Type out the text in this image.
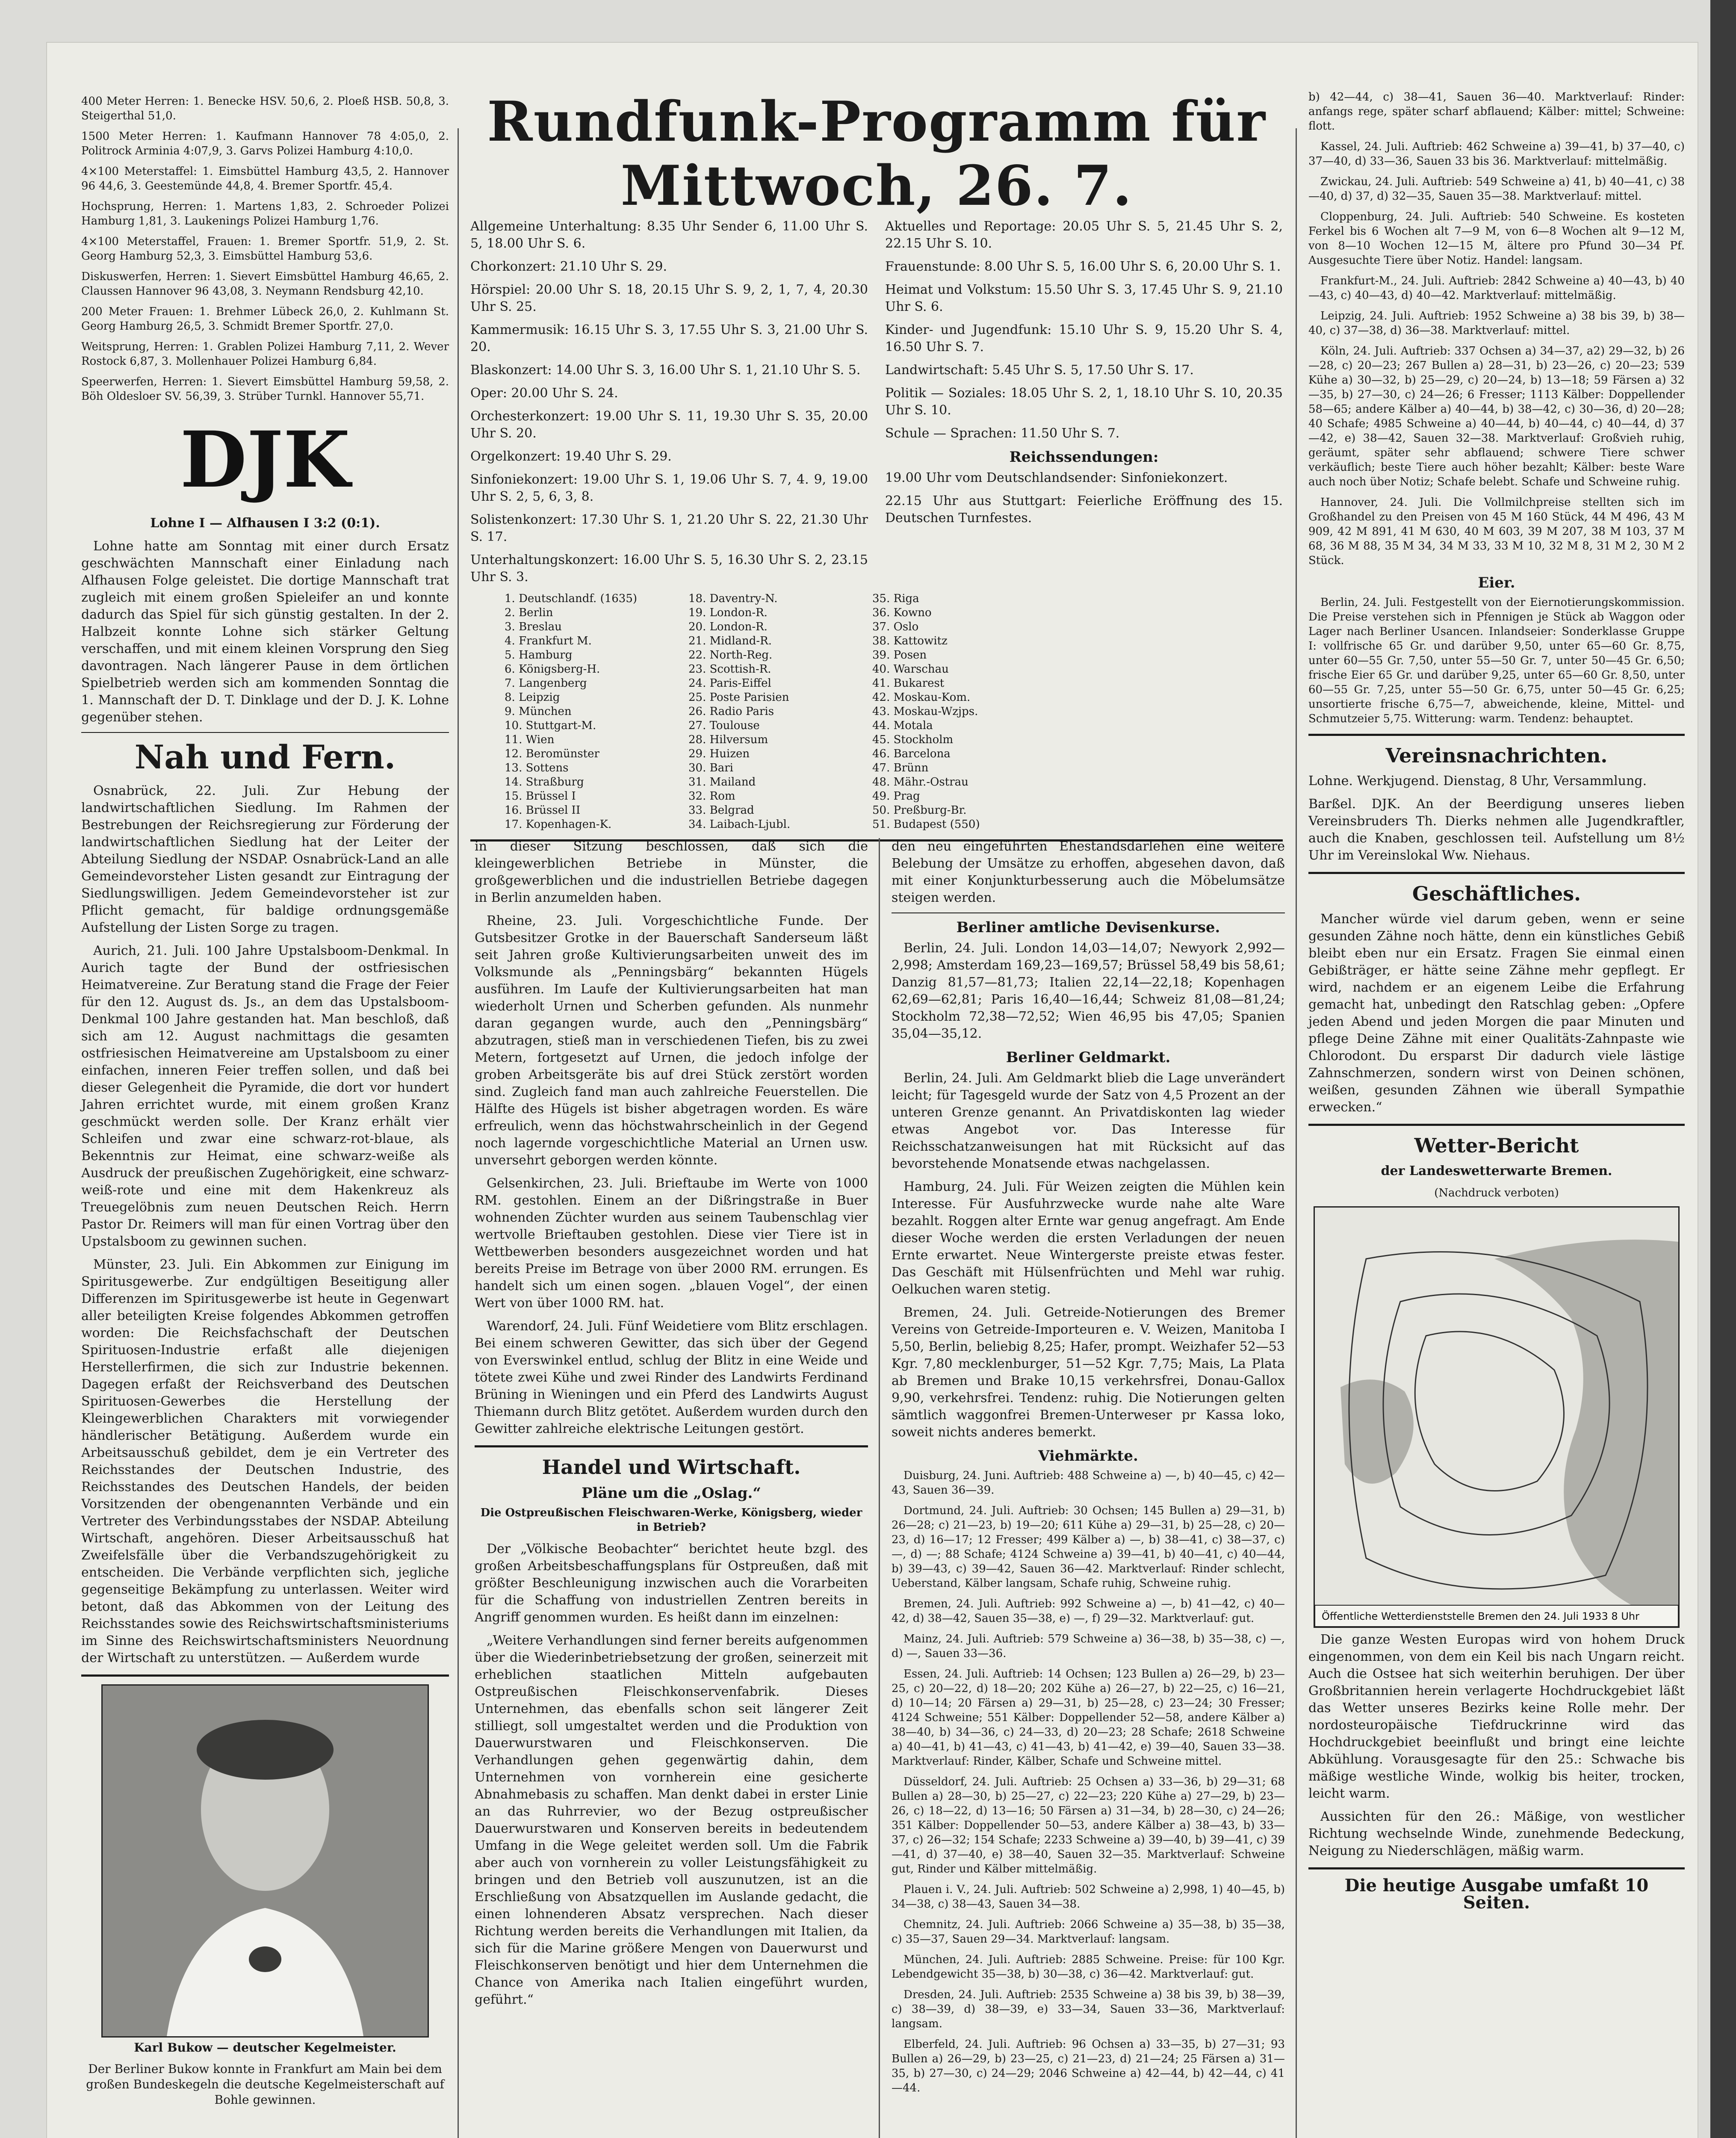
400 Meter Herren: 1. Benecke HSV. 50,6, 2. Ploeß HSB. 50,8, 3. Steigerthal 51,0.

1500 Meter Herren: 1. Kaufmann Hannover 78 4:05,0, 2. Politrock Arminia 4:07,9, 3. Garvs Polizei Hamburg 4:10,0.

4×100 Meterstaffel: 1. Eimsbüttel Hamburg 43,5, 2. Hannover 96 44,6, 3. Geestemünde 44,8, 4. Bremer Sportfr. 45,4.

Hochsprung, Herren: 1. Martens 1,83, 2. Schroeder Polizei Hamburg 1,81, 3. Laukenings Polizei Hamburg 1,76.

4×100 Meterstaffel, Frauen: 1. Bremer Sportfr. 51,9, 2. St. Georg Hamburg 52,3, 3. Eimsbüttel Hamburg 53,6.

Diskuswerfen, Herren: 1. Sievert Eimsbüttel Hamburg 46,65, 2. Claussen Hannover 96 43,08, 3. Neymann Rendsburg 42,10.

200 Meter Frauen: 1. Brehmer Lübeck 26,0, 2. Kuhlmann St. Georg Hamburg 26,5, 3. Schmidt Bremer Sportfr. 27,0.

Weitsprung, Herren: 1. Grablen Polizei Hamburg 7,11, 2. Wever Rostock 6,87, 3. Mollenhauer Polizei Hamburg 6,84.

Speerwerfen, Herren: 1. Sievert Eimsbüttel Hamburg 59,58, 2. Böh Oldesloer SV. 56,39, 3. Strüber Turnkl. Hannover 55,71.

DJK

Lohne I — Alfhausen I 3:2 (0:1).

Lohne hatte am Sonntag mit einer durch Ersatz geschwächten Mannschaft einer Einladung nach Alfhausen Folge geleistet. Die dortige Mannschaft trat zugleich mit einem großen Spieleifer an und konnte dadurch das Spiel für sich günstig gestalten. In der 2. Halbzeit konnte Lohne sich stärker Geltung verschaffen, und mit einem kleinen Vorsprung den Sieg davontragen. Nach längerer Pause in dem örtlichen Spielbetrieb werden sich am kommenden Sonntag die 1. Mannschaft der D. T. Dinklage und der D. J. K. Lohne gegenüber stehen.

Nah und Fern.

Osnabrück, 22. Juli. Zur Hebung der landwirtschaftlichen Siedlung. Im Rahmen der Bestrebungen der Reichsregierung zur Förderung der landwirtschaftlichen Siedlung hat der Leiter der Abteilung Siedlung der NSDAP. Osnabrück-Land an alle Gemeindevorsteher Listen gesandt zur Eintragung der Siedlungswilligen. Jedem Gemeindevorsteher ist zur Pflicht gemacht, für baldige ordnungsgemäße Aufstellung der Listen Sorge zu tragen.

Aurich, 21. Juli. 100 Jahre Upstalsboom-Denkmal. In Aurich tagte der Bund der ostfriesischen Heimatvereine. Zur Beratung stand die Frage der Feier für den 12. August ds. Js., an dem das Upstalsboom-Denkmal 100 Jahre gestanden hat. Man beschloß, daß sich am 12. August nachmittags die gesamten ostfriesischen Heimatvereine am Upstalsboom zu einer einfachen, inneren Feier treffen sollen, und daß bei dieser Gelegenheit die Pyramide, die dort vor hundert Jahren errichtet wurde, mit einem großen Kranz geschmückt werden solle. Der Kranz erhält vier Schleifen und zwar eine schwarz-rot-blaue, als Bekenntnis zur Heimat, eine schwarz-weiße als Ausdruck der preußischen Zugehörigkeit, eine schwarz-weiß-rote und eine mit dem Hakenkreuz als Treuegelöbnis zum neuen Deutschen Reich. Herrn Pastor Dr. Reimers will man für einen Vortrag über den Upstalsboom zu gewinnen suchen.

Münster, 23. Juli. Ein Abkommen zur Einigung im Spiritusgewerbe. Zur endgültigen Beseitigung aller Differenzen im Spiritusgewerbe ist heute in Gegenwart aller beteiligten Kreise folgendes Abkommen getroffen worden: Die Reichsfachschaft der Deutschen Spirituosen-Industrie erfaßt alle diejenigen Herstellerfirmen, die sich zur Industrie bekennen. Dagegen erfaßt der Reichsverband des Deutschen Spirituosen-Gewerbes die Herstellung der Kleingewerblichen Charakters mit vorwiegender händlerischer Betätigung. Außerdem wurde ein Arbeitsausschuß gebildet, dem je ein Vertreter des Reichsstandes der Deutschen Industrie, des Reichsstandes des Deutschen Handels, der beiden Vorsitzenden der obengenannten Verbände und ein Vertreter des Verbindungsstabes der NSDAP. Abteilung Wirtschaft, angehören. Dieser Arbeitsausschuß hat Zweifelsfälle über die Verbandszugehörigkeit zu entscheiden. Die Verbände verpflichten sich, jegliche gegenseitige Bekämpfung zu unterlassen. Weiter wird betont, daß das Abkommen von der Leitung des Reichsstandes sowie des Reichswirtschaftsministeriums im Sinne des Reichswirtschaftsministers Neuordnung der Wirtschaft zu unterstützen. — Außerdem wurde

Karl Bukow — deutscher Kegelmeister.

Der Berliner Bukow konnte in Frankfurt am Main bei dem großen Bundeskegeln die deutsche Kegelmeisterschaft auf Bohle gewinnen.

Rundfunk-Programm für Mittwoch, 26. 7.

Allgemeine Unterhaltung: 8.35 Uhr Sender 6, 11.00 Uhr S. 5, 18.00 Uhr S. 6.

Chorkonzert: 21.10 Uhr S. 29.

Hörspiel: 20.00 Uhr S. 18, 20.15 Uhr S. 9, 2, 1, 7, 4, 20.30 Uhr S. 25.

Kammermusik: 16.15 Uhr S. 3, 17.55 Uhr S. 3, 21.00 Uhr S. 20.

Blaskonzert: 14.00 Uhr S. 3, 16.00 Uhr S. 1, 21.10 Uhr S. 5.

Oper: 20.00 Uhr S. 24.

Orchesterkonzert: 19.00 Uhr S. 11, 19.30 Uhr S. 35, 20.00 Uhr S. 20.

Orgelkonzert: 19.40 Uhr S. 29.

Sinfoniekonzert: 19.00 Uhr S. 1, 19.06 Uhr S. 7, 4. 9, 19.00 Uhr S. 2, 5, 6, 3, 8.

Solistenkonzert: 17.30 Uhr S. 1, 21.20 Uhr S. 22, 21.30 Uhr S. 17.

Unterhaltungskonzert: 16.00 Uhr S. 5, 16.30 Uhr S. 2, 23.15 Uhr S. 3.

Aktuelles und Reportage: 20.05 Uhr S. 5, 21.45 Uhr S. 2, 22.15 Uhr S. 10.

Frauenstunde: 8.00 Uhr S. 5, 16.00 Uhr S. 6, 20.00 Uhr S. 1.

Heimat und Volkstum: 15.50 Uhr S. 3, 17.45 Uhr S. 9, 21.10 Uhr S. 6.

Kinder- und Jugendfunk: 15.10 Uhr S. 9, 15.20 Uhr S. 4, 16.50 Uhr S. 7.

Landwirtschaft: 5.45 Uhr S. 5, 17.50 Uhr S. 17.

Politik — Soziales: 18.05 Uhr S. 2, 1, 18.10 Uhr S. 10, 20.35 Uhr S. 10.

Schule — Sprachen: 11.50 Uhr S. 7.

Reichssendungen:

19.00 Uhr vom Deutschlandsender: Sinfoniekonzert.

22.15 Uhr aus Stuttgart: Feierliche Eröffnung des 15. Deutschen Turnfestes.

1. Deutschlandf. (1635)
2. Berlin
3. Breslau
4. Frankfurt M.
5. Hamburg
6. Königsberg-H.
7. Langenberg
8. Leipzig
9. München
10. Stuttgart-M.
11. Wien
12. Beromünster
13. Sottens
14. Straßburg
15. Brüssel I
16. Brüssel II
17. Kopenhagen-K.
18. Daventry-N.
19. London-R.
20. London-R.
21. Midland-R.
22. North-Reg.
23. Scottish-R.
24. Paris-Eiffel
25. Poste Parisien
26. Radio Paris
27. Toulouse
28. Hilversum
29. Huizen
30. Bari
31. Mailand
32. Rom
33. Belgrad
34. Laibach-Ljubl.
35. Riga
36. Kowno
37. Oslo
38. Kattowitz
39. Posen
40. Warschau
41. Bukarest
42. Moskau-Kom.
43. Moskau-Wzjps.
44. Motala
45. Stockholm
46. Barcelona
47. Brünn
48. Mähr.-Ostrau
49. Prag
50. Preßburg-Br.
51. Budapest (550)

in dieser Sitzung beschlossen, daß sich die kleingewerblichen Betriebe in Münster, die großgewerblichen und die industriellen Betriebe dagegen in Berlin anzumelden haben.

Rheine, 23. Juli. Vorgeschichtliche Funde. Der Gutsbesitzer Grotke in der Bauerschaft Sanderseum läßt seit Jahren große Kultivierungsarbeiten unweit des im Volksmunde als „Penningsbärg“ bekannten Hügels ausführen. Im Laufe der Kultivierungsarbeiten hat man wiederholt Urnen und Scherben gefunden. Als nunmehr daran gegangen wurde, auch den „Penningsbärg“ abzutragen, stieß man in verschiedenen Tiefen, bis zu zwei Metern, fortgesetzt auf Urnen, die jedoch infolge der groben Arbeitsgeräte bis auf drei Stück zerstört worden sind. Zugleich fand man auch zahlreiche Feuerstellen. Die Hälfte des Hügels ist bisher abgetragen worden. Es wäre erfreulich, wenn das höchstwahrscheinlich in der Gegend noch lagernde vorgeschichtliche Material an Urnen usw. unversehrt geborgen werden könnte.

Gelsenkirchen, 23. Juli. Brieftaube im Werte von 1000 RM. gestohlen. Einem an der Dißringstraße in Buer wohnenden Züchter wurden aus seinem Taubenschlag vier wertvolle Brieftauben gestohlen. Diese vier Tiere ist in Wettbewerben besonders ausgezeichnet worden und hat bereits Preise im Betrage von über 2000 RM. errungen. Es handelt sich um einen sogen. „blauen Vogel“, der einen Wert von über 1000 RM. hat.

Warendorf, 24. Juli. Fünf Weidetiere vom Blitz erschlagen. Bei einem schweren Gewitter, das sich über der Gegend von Everswinkel entlud, schlug der Blitz in eine Weide und tötete zwei Kühe und zwei Rinder des Landwirts Ferdinand Brüning in Wieningen und ein Pferd des Landwirts August Thiemann durch Blitz getötet. Außerdem wurden durch den Gewitter zahlreiche elektrische Leitungen gestört.

Handel und Wirtschaft.
Pläne um die „Oslag.“

Die Ostpreußischen Fleischwaren-Werke, Königsberg, wieder in Betrieb?

Der „Völkische Beobachter“ berichtet heute bzgl. des großen Arbeitsbeschaffungsplans für Ostpreußen, daß mit größter Beschleunigung inzwischen auch die Vorarbeiten für die Schaffung von industriellen Zentren bereits in Angriff genommen wurden. Es heißt dann im einzelnen:

„Weitere Verhandlungen sind ferner bereits aufgenommen über die Wiederinbetriebsetzung der großen, seinerzeit mit erheblichen staatlichen Mitteln aufgebauten Ostpreußischen Fleischkonservenfabrik. Dieses Unternehmen, das ebenfalls schon seit längerer Zeit stilliegt, soll umgestaltet werden und die Produktion von Dauerwurstwaren und Fleischkonserven. Die Verhandlungen gehen gegenwärtig dahin, dem Unternehmen von vornherein eine gesicherte Abnahmebasis zu schaffen. Man denkt dabei in erster Linie an das Ruhrrevier, wo der Bezug ostpreußischer Dauerwurstwaren und Konserven bereits in bedeutendem Umfang in die Wege geleitet werden soll. Um die Fabrik aber auch von vornherein zu voller Leistungsfähigkeit zu bringen und den Betrieb voll auszunutzen, ist an die Erschließung von Absatzquellen im Auslande gedacht, die einen lohnenderen Absatz versprechen. Nach dieser Richtung werden bereits die Verhandlungen mit Italien, da sich für die Marine größere Mengen von Dauerwurst und Fleischkonserven benötigt und hier dem Unternehmen die Chance von Amerika nach Italien eingeführt wurden, geführt.“

den neu eingeführten Ehestandsdarlehen eine weitere Belebung der Umsätze zu erhoffen, abgesehen davon, daß mit einer Konjunkturbesserung auch die Möbelumsätze steigen werden.

Berliner amtliche Devisenkurse.

Berlin, 24. Juli. London 14,03—14,07; Newyork 2,992—2,998; Amsterdam 169,23—169,57; Brüssel 58,49 bis 58,61; Danzig 81,57—81,73; Italien 22,14—22,18; Kopenhagen 62,69—62,81; Paris 16,40—16,44; Schweiz 81,08—81,24; Stockholm 72,38—72,52; Wien 46,95 bis 47,05; Spanien 35,04—35,12.

Berliner Geldmarkt.

Berlin, 24. Juli. Am Geldmarkt blieb die Lage unverändert leicht; für Tagesgeld wurde der Satz von 4,5 Prozent an der unteren Grenze genannt. An Privatdiskonten lag wieder etwas Angebot vor. Das Interesse für Reichsschatzanweisungen hat mit Rücksicht auf das bevorstehende Monatsende etwas nachgelassen.

Hamburg, 24. Juli. Für Weizen zeigten die Mühlen kein Interesse. Für Ausfuhrzwecke wurde nahe alte Ware bezahlt. Roggen alter Ernte war genug angefragt. Am Ende dieser Woche werden die ersten Verladungen der neuen Ernte erwartet. Neue Wintergerste preiste etwas fester. Das Geschäft mit Hülsenfrüchten und Mehl war ruhig. Oelkuchen waren stetig.

Bremen, 24. Juli. Getreide-Notierungen des Bremer Vereins von Getreide-Importeuren e. V. Weizen, Manitoba I 5,50, Berlin, beliebig 8,25; Hafer, prompt. Weizhafer 52—53 Kgr. 7,80 mecklenburger, 51—52 Kgr. 7,75; Mais, La Plata ab Bremen und Brake 10,15 verkehrsfrei, Donau-Gallox 9,90, verkehrsfrei. Tendenz: ruhig. Die Notierungen gelten sämtlich waggonfrei Bremen-Unterweser pr Kassa loko, soweit nichts anderes bemerkt.

Viehmärkte.

Duisburg, 24. Juni. Auftrieb: 488 Schweine a) —, b) 40—45, c) 42—43, Sauen 36—39.

Dortmund, 24. Juli. Auftrieb: 30 Ochsen; 145 Bullen a) 29—31, b) 26—28; c) 21—23, b) 19—20; 611 Kühe a) 29—31, b) 25—28, c) 20—23, d) 16—17; 12 Fresser; 499 Kälber a) —, b) 38—41, c) 38—37, c) —, d) —; 88 Schafe; 4124 Schweine a) 39—41, b) 40—41, c) 40—44, b) 39—43, c) 39—42, Sauen 36—42. Marktverlauf: Rinder schlecht, Ueberstand, Kälber langsam, Schafe ruhig, Schweine ruhig.

Bremen, 24. Juli. Auftrieb: 992 Schweine a) —, b) 41—42, c) 40—42, d) 38—42, Sauen 35—38, e) —, f) 29—32. Marktverlauf: gut.

Mainz, 24. Juli. Auftrieb: 579 Schweine a) 36—38, b) 35—38, c) —, d) —, Sauen 33—36.

Essen, 24. Juli. Auftrieb: 14 Ochsen; 123 Bullen a) 26—29, b) 23—25, c) 20—22, d) 18—20; 202 Kühe a) 26—27, b) 22—25, c) 16—21, d) 10—14; 20 Färsen a) 29—31, b) 25—28, c) 23—24; 30 Fresser; 4124 Schweine; 551 Kälber: Doppellender 52—58, andere Kälber a) 38—40, b) 34—36, c) 24—33, d) 20—23; 28 Schafe; 2618 Schweine a) 40—41, b) 41—43, c) 41—43, b) 41—42, e) 39—40, Sauen 33—38. Marktverlauf: Rinder, Kälber, Schafe und Schweine mittel.

Düsseldorf, 24. Juli. Auftrieb: 25 Ochsen a) 33—36, b) 29—31; 68 Bullen a) 28—30, b) 25—27, c) 22—23; 220 Kühe a) 27—29, b) 23—26, c) 18—22, d) 13—16; 50 Färsen a) 31—34, b) 28—30, c) 24—26; 351 Kälber: Doppellender 50—53, andere Kälber a) 38—43, b) 33—37, c) 26—32; 154 Schafe; 2233 Schweine a) 39—40, b) 39—41, c) 39—41, d) 37—40, e) 38—40, Sauen 32—35. Marktverlauf: Schweine gut, Rinder und Kälber mittelmäßig.

Plauen i. V., 24. Juli. Auftrieb: 502 Schweine a) 2,998, 1) 40—45, b) 34—38, c) 38—43, Sauen 34—38.

Chemnitz, 24. Juli. Auftrieb: 2066 Schweine a) 35—38, b) 35—38, c) 35—37, Sauen 29—34. Marktverlauf: langsam.

München, 24. Juli. Auftrieb: 2885 Schweine. Preise: für 100 Kgr. Lebendgewicht 35—38, b) 30—38, c) 36—42. Marktverlauf: gut.

Dresden, 24. Juli. Auftrieb: 2535 Schweine a) 38 bis 39, b) 38—39, c) 38—39, d) 38—39, e) 33—34, Sauen 33—36, Marktverlauf: langsam.

Elberfeld, 24. Juli. Auftrieb: 96 Ochsen a) 33—35, b) 27—31; 93 Bullen a) 26—29, b) 23—25, c) 21—23, d) 21—24; 25 Färsen a) 31—35, b) 27—30, c) 24—29; 2046 Schweine a) 42—44, b) 42—44, c) 41—44.

b) 42—44, c) 38—41, Sauen 36—40. Marktverlauf: Rinder: anfangs rege, später scharf abflauend; Kälber: mittel; Schweine: flott.

Kassel, 24. Juli. Auftrieb: 462 Schweine a) 39—41, b) 37—40, c) 37—40, d) 33—36, Sauen 33 bis 36. Marktverlauf: mittelmäßig.

Zwickau, 24. Juli. Auftrieb: 549 Schweine a) 41, b) 40—41, c) 38—40, d) 37, d) 32—35, Sauen 35—38. Marktverlauf: mittel.

Cloppenburg, 24. Juli. Auftrieb: 540 Schweine. Es kosteten Ferkel bis 6 Wochen alt 7—9 M, von 6—8 Wochen alt 9—12 M, von 8—10 Wochen 12—15 M, ältere pro Pfund 30—34 Pf. Ausgesuchte Tiere über Notiz. Handel: langsam.

Frankfurt-M., 24. Juli. Auftrieb: 2842 Schweine a) 40—43, b) 40—43, c) 40—43, d) 40—42. Marktverlauf: mittelmäßig.

Leipzig, 24. Juli. Auftrieb: 1952 Schweine a) 38 bis 39, b) 38—40, c) 37—38, d) 36—38. Marktverlauf: mittel.

Köln, 24. Juli. Auftrieb: 337 Ochsen a) 34—37, a2) 29—32, b) 26—28, c) 20—23; 267 Bullen a) 28—31, b) 23—26, c) 20—23; 539 Kühe a) 30—32, b) 25—29, c) 20—24, b) 13—18; 59 Färsen a) 32—35, b) 27—30, c) 24—26; 6 Fresser; 1113 Kälber: Doppellender 58—65; andere Kälber a) 40—44, b) 38—42, c) 30—36, d) 20—28; 40 Schafe; 4985 Schweine a) 40—44, b) 40—44, c) 40—44, d) 37—42, e) 38—42, Sauen 32—38. Marktverlauf: Großvieh ruhig, geräumt, später sehr abflauend; schwere Tiere schwer verkäuflich; beste Tiere auch höher bezahlt; Kälber: beste Ware auch noch über Notiz; Schafe belebt. Schafe und Schweine ruhig.

Hannover, 24. Juli. Die Vollmilchpreise stellten sich im Großhandel zu den Preisen von 45 M 160 Stück, 44 M 496, 43 M 909, 42 M 891, 41 M 630, 40 M 603, 39 M 207, 38 M 103, 37 M 68, 36 M 88, 35 M 34, 34 M 33, 33 M 10, 32 M 8, 31 M 2, 30 M 2 Stück.

Eier.

Berlin, 24. Juli. Festgestellt von der Eiernotierungskommission. Die Preise verstehen sich in Pfennigen je Stück ab Waggon oder Lager nach Berliner Usancen. Inlandseier: Sonderklasse Gruppe I: vollfrische 65 Gr. und darüber 9,50, unter 65—60 Gr. 8,75, unter 60—55 Gr. 7,50, unter 55—50 Gr. 7, unter 50—45 Gr. 6,50; frische Eier 65 Gr. und darüber 9,25, unter 65—60 Gr. 8,50, unter 60—55 Gr. 7,25, unter 55—50 Gr. 6,75, unter 50—45 Gr. 6,25; unsortierte frische 6,75—7, abweichende, kleine, Mittel- und Schmutzeier 5,75. Witterung: warm. Tendenz: behauptet.

Vereinsnachrichten.

Lohne. Werkjugend. Dienstag, 8 Uhr, Versammlung.

Barßel. DJK. An der Beerdigung unseres lieben Vereinsbruders Th. Dierks nehmen alle Jugendkraftler, auch die Knaben, geschlossen teil. Aufstellung um 8½ Uhr im Vereinslokal Ww. Niehaus.

Geschäftliches.

Mancher würde viel darum geben, wenn er seine gesunden Zähne noch hätte, denn ein künstliches Gebiß bleibt eben nur ein Ersatz. Fragen Sie einmal einen Gebißträger, er hätte seine Zähne mehr gepflegt. Er wird, nachdem er an eigenem Leibe die Erfahrung gemacht hat, unbedingt den Ratschlag geben: „Opfere jeden Abend und jeden Morgen die paar Minuten und pflege Deine Zähne mit einer Qualitäts-Zahnpaste wie Chlorodont. Du ersparst Dir dadurch viele lästige Zahnschmerzen, sondern wirst von Deinen schönen, weißen, gesunden Zähnen wie überall Sympathie erwecken.“

Wetter-Bericht

der Landeswetterwarte Bremen.

(Nachdruck verboten)

Öffentliche Wetterdienststelle Bremen den 24. Juli 1933 8 Uhr

Die ganze Westen Europas wird von hohem Druck eingenommen, von dem ein Keil bis nach Ungarn reicht. Auch die Ostsee hat sich weiterhin beruhigen. Der über Großbritannien herein verlagerte Hochdruckgebiet läßt das Wetter unseres Bezirks keine Rolle mehr. Der nordosteuropäische Tiefdruckrinne wird das Hochdruckgebiet beeinflußt und bringt eine leichte Abkühlung. Vorausgesagte für den 25.: Schwache bis mäßige westliche Winde, wolkig bis heiter, trocken, leicht warm.

Aussichten für den 26.: Mäßige, von westlicher Richtung wechselnde Winde, zunehmende Bedeckung, Neigung zu Niederschlägen, mäßig warm.

Die heutige Ausgabe umfaßt 10 Seiten.
